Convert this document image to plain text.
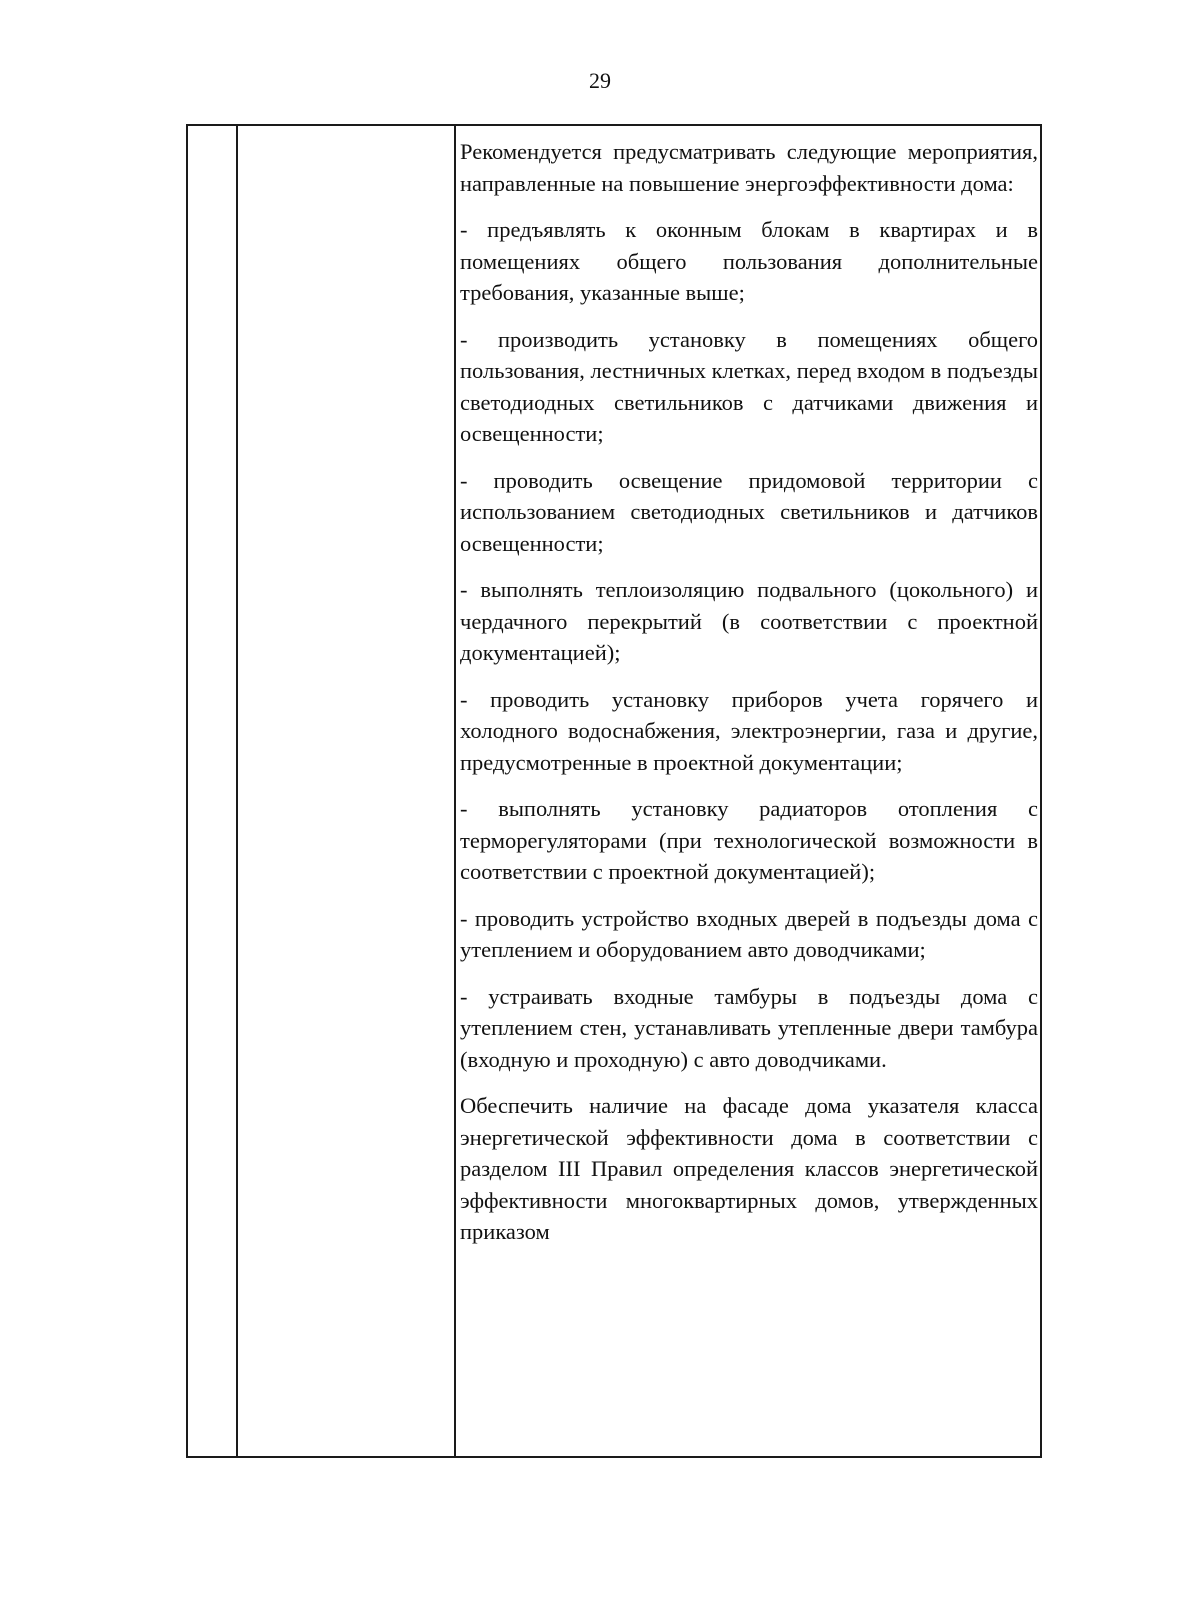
29

Рекомендуется предусматривать следующие мероприятия, направленные на повышение энергоэффективности дома:

- предъявлять к оконным блокам в квартирах и в помещениях общего пользования дополнительные требования, указанные выше;

- производить установку в помещениях общего пользования, лестничных клетках, перед входом в подъезды светодиодных светильников с датчиками движения и освещенности;

- проводить освещение придомовой территории с использованием светодиодных светильников и датчиков освещенности;

- выполнять теплоизоляцию подвального (цокольного) и чердачного перекрытий (в соответствии с проектной документацией);

- проводить установку приборов учета горячего и холодного водоснабжения, электроэнергии, газа и другие, предусмотренные в проектной документации;

- выполнять установку радиаторов отопления с терморегуляторами (при технологической возможности в соответствии с проектной документацией);

- проводить устройство входных дверей в подъезды дома с утеплением и оборудованием авто доводчиками;

- устраивать входные тамбуры в подъезды дома с утеплением стен, устанавливать утепленные двери тамбура (входную и проходную) с авто доводчиками.

Обеспечить наличие на фасаде дома указателя класса энергетической эффективности дома в соответствии с разделом III Правил определения классов энергетической эффективности многоквартирных домов, утвержденных приказом
